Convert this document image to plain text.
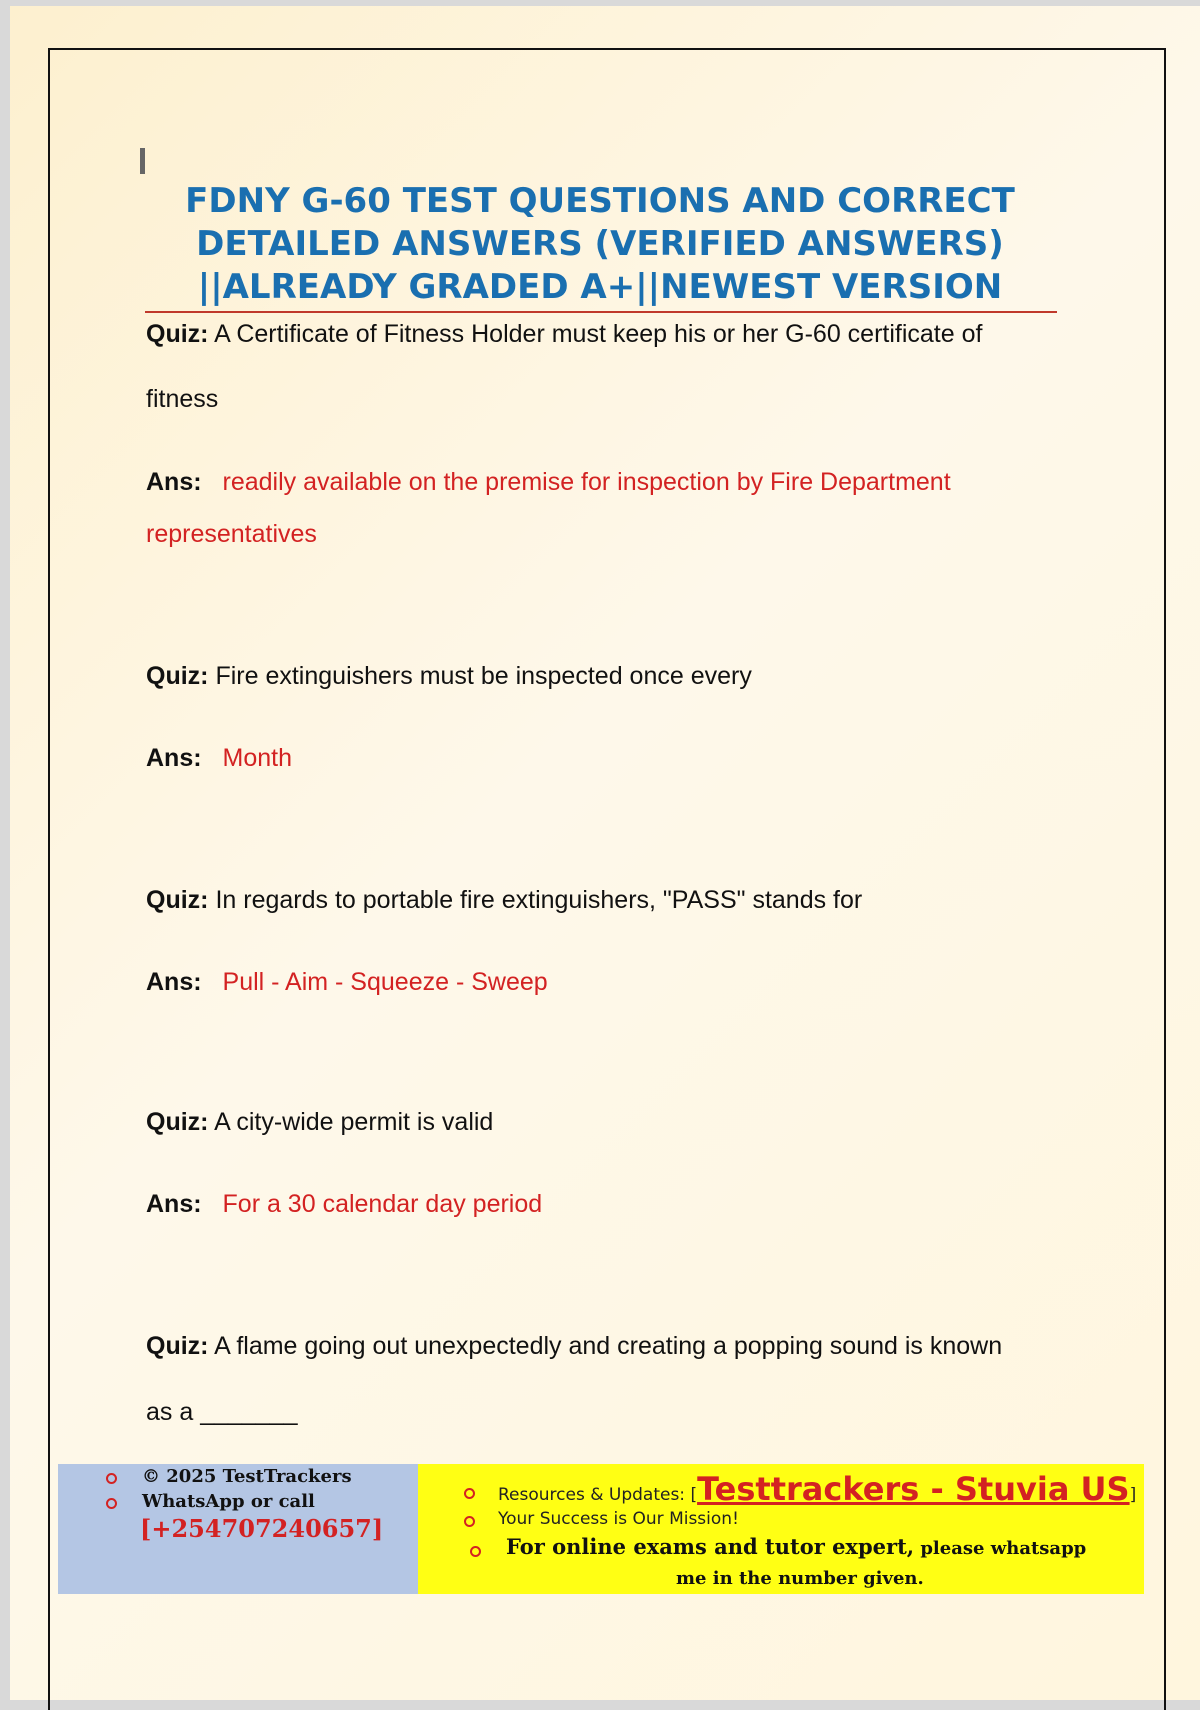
FDNY G-60 TEST QUESTIONS AND CORRECT
DETAILED ANSWERS (VERIFIED ANSWERS)
||ALREADY GRADED A+||NEWEST VERSION
Quiz: A Certificate of Fitness Holder must keep his or her G-60 certificate of
fitness
Ans: readily available on the premise for inspection by Fire Department
representatives
Quiz: Fire extinguishers must be inspected once every
Ans: Month
Quiz: In regards to portable fire extinguishers, "PASS" stands for
Ans: Pull - Aim - Squeeze - Sweep
Quiz: A city-wide permit is valid
Ans: For a 30 calendar day period
Quiz: A flame going out unexpectedly and creating a popping sound is known
as a _______
© 2025 TestTrackers
WhatsApp or call
[+254707240657]
Resources & Updates: [Testtrackers - Stuvia US]
Your Success is Our Mission!
For online exams and tutor expert, please whatsapp
me in the number given.
